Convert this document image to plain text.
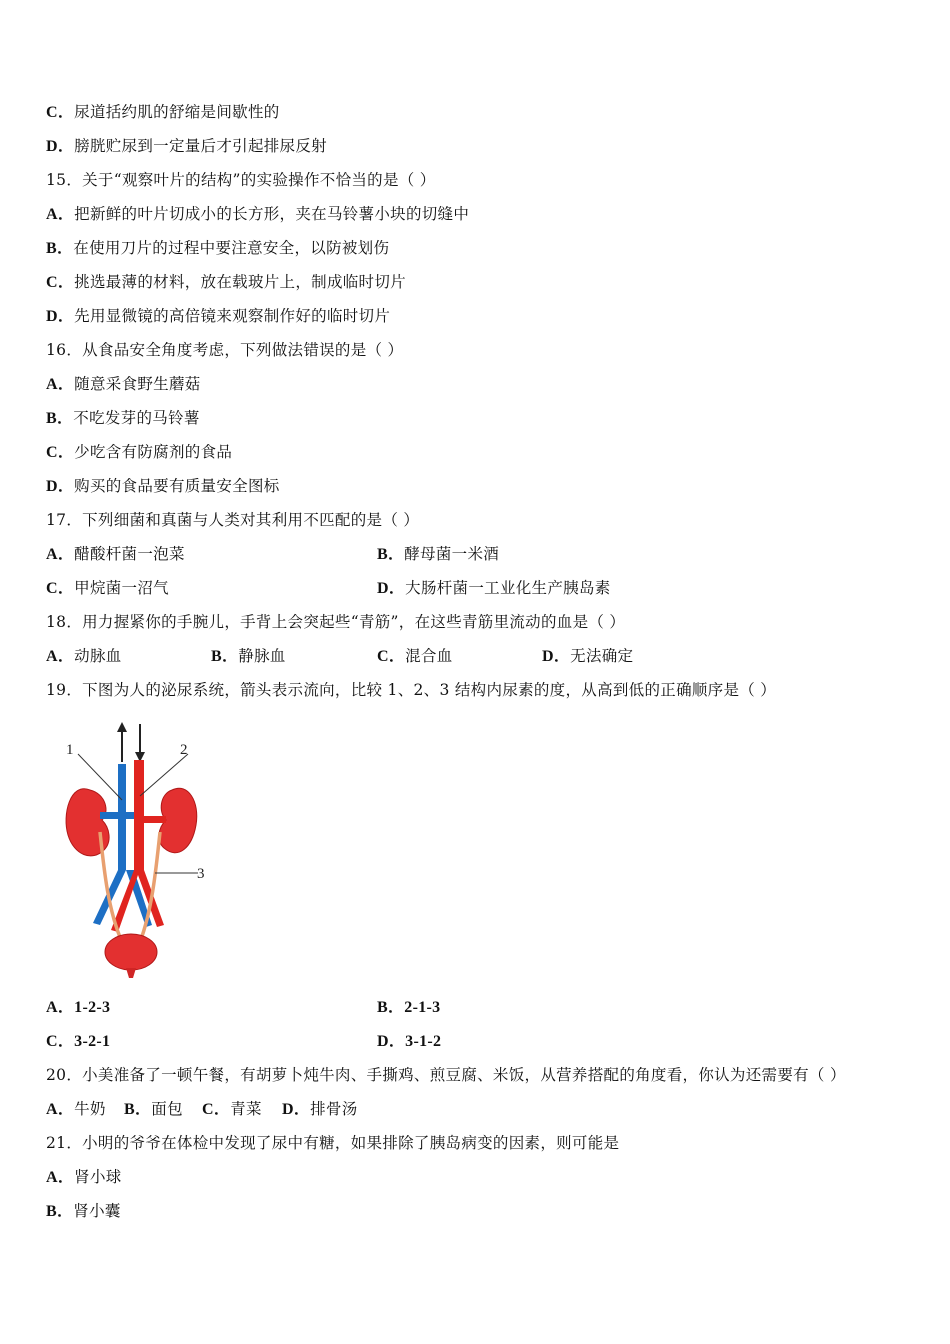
C．尿道括约肌的舒缩是间歇性的
D．膀胱贮尿到一定量后才引起排尿反射
15．关于“观察叶片的结构”的实验操作不恰当的是（ ）
A．把新鲜的叶片切成小的长方形，夹在马铃薯小块的切缝中
B．在使用刀片的过程中要注意安全，以防被划伤
C．挑选最薄的材料，放在载玻片上，制成临时切片
D．先用显微镜的高倍镜来观察制作好的临时切片
16．从食品安全角度考虑，下列做法错误的是（ ）
A．随意采食野生蘑菇
B．不吃发芽的马铃薯
C．少吃含有防腐剂的食品
D．购买的食品要有质量安全图标
17．下列细菌和真菌与人类对其利用不匹配的是（ ）
A．醋酸杆菌一泡菜	B．酵母菌一米酒
C．甲烷菌一沼气	D．大肠杆菌一工业化生产胰岛素
18．用力握紧你的手腕儿，手背上会突起些“青筋”，在这些青筋里流动的血是（ ）
A．动脉血	B．静脉血	C．混合血	D．无法确定
19．下图为人的泌尿系统，箭头表示流向，比较 1、2、3 结构内尿素的度，从高到低的正确顺序是（ ）
1	2
3
A．1-2-3	B．2-1-3
C．3-2-1	D．3-1-2
20．小美准备了一顿午餐，有胡萝卜炖牛肉、手撕鸡、煎豆腐、米饭，从营养搭配的角度看，你认为还需要有（ ）
A．牛奶 B．面包 C．青菜 D．排骨汤
21．小明的爷爷在体检中发现了尿中有糖，如果排除了胰岛病变的因素，则可能是
A．肾小球
B．肾小囊
